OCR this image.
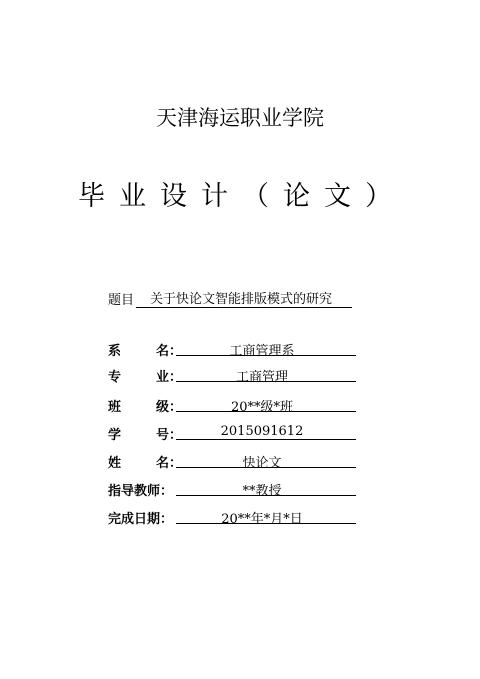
天津海运职业学院
毕业设计（论文）
题目	关于快论文智能排版模式的研究
系	名：	工商管理系
专	业：	工商管理
班	级：	20**级*班
学	号：	2015091612
姓	名：	快论文
指导教师：	**教授
完成日期：	20**年*月*日
